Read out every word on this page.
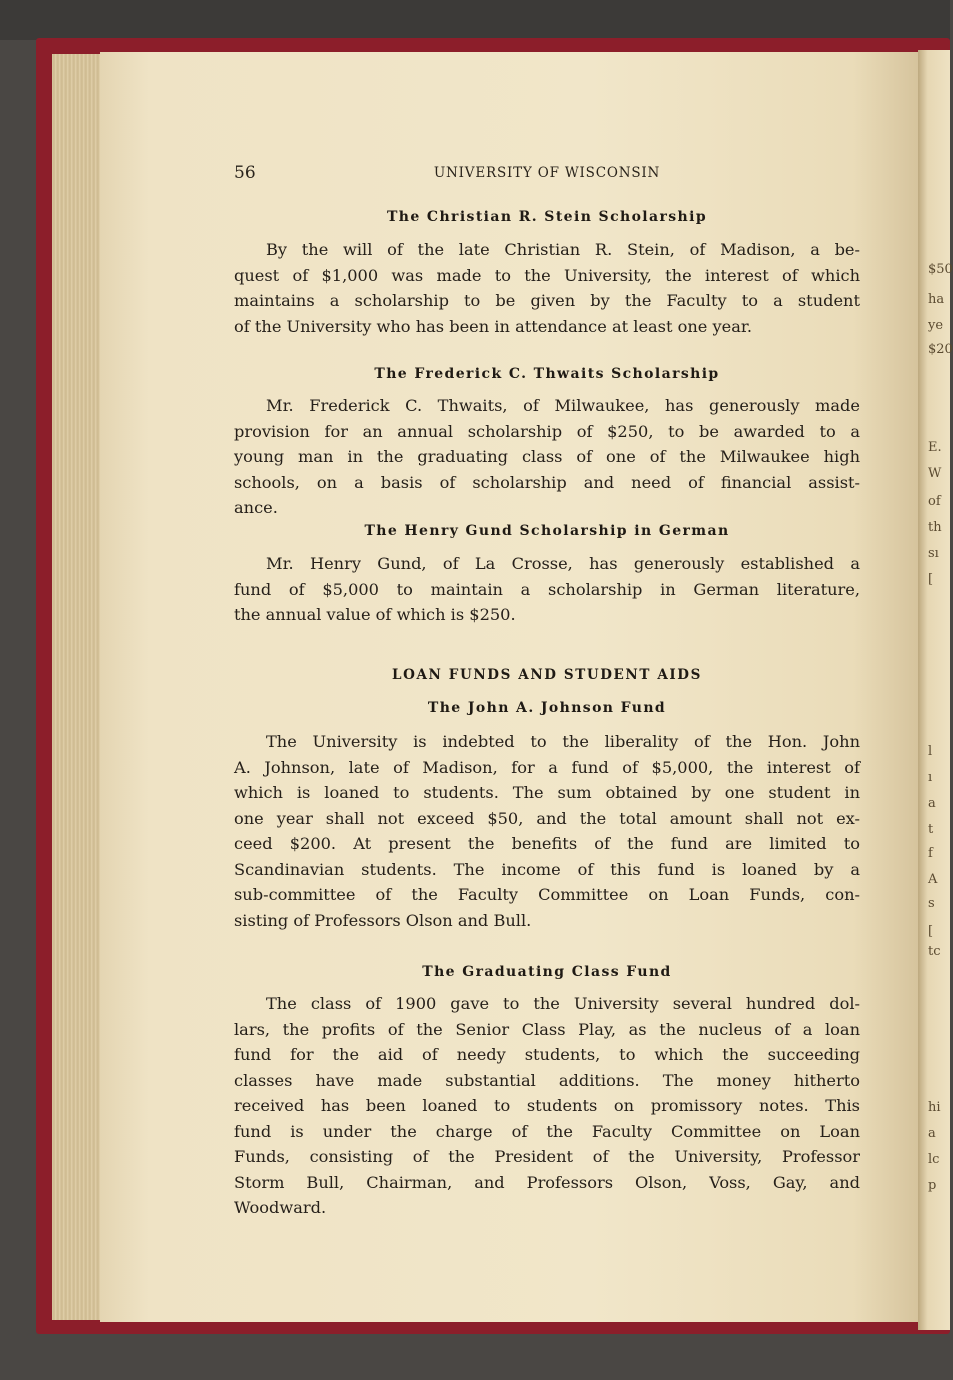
$50
ha
ye
$20
E.
W
of
th
sı
[
l
ı
a
t
f
A
s
[
tc
hi
a
lc
p
56	UNIVERSITY OF WISCONSIN
The Christian R. Stein Scholarship
By the will of the late Christian R. Stein, of Madison, a be-
quest of $1,000 was made to the University, the interest of which
maintains a scholarship to be given by the Faculty to a student
of the University who has been in attendance at least one year.
The Frederick C. Thwaits Scholarship
Mr. Frederick C. Thwaits, of Milwaukee, has generously made
provision for an annual scholarship of $250, to be awarded to a
young man in the graduating class of one of the Milwaukee high
schools, on a basis of scholarship and need of financial assist-
ance.
The Henry Gund Scholarship in German
Mr. Henry Gund, of La Crosse, has generously established a
fund of $5,000 to maintain a scholarship in German literature,
the annual value of which is $250.
LOAN FUNDS AND STUDENT AIDS
The John A. Johnson Fund
The University is indebted to the liberality of the Hon. John
A. Johnson, late of Madison, for a fund of $5,000, the interest of
which is loaned to students. The sum obtained by one student in
one year shall not exceed $50, and the total amount shall not ex-
ceed $200. At present the benefits of the fund are limited to
Scandinavian students. The income of this fund is loaned by a
sub-committee of the Faculty Committee on Loan Funds, con-
sisting of Professors Olson and Bull.
The Graduating Class Fund
The class of 1900 gave to the University several hundred dol-
lars, the profits of the Senior Class Play, as the nucleus of a loan
fund for the aid of needy students, to which the succeeding
classes have made substantial additions. The money hitherto
received has been loaned to students on promissory notes. This
fund is under the charge of the Faculty Committee on Loan
Funds, consisting of the President of the University, Professor
Storm Bull, Chairman, and Professors Olson, Voss, Gay, and
Woodward.
